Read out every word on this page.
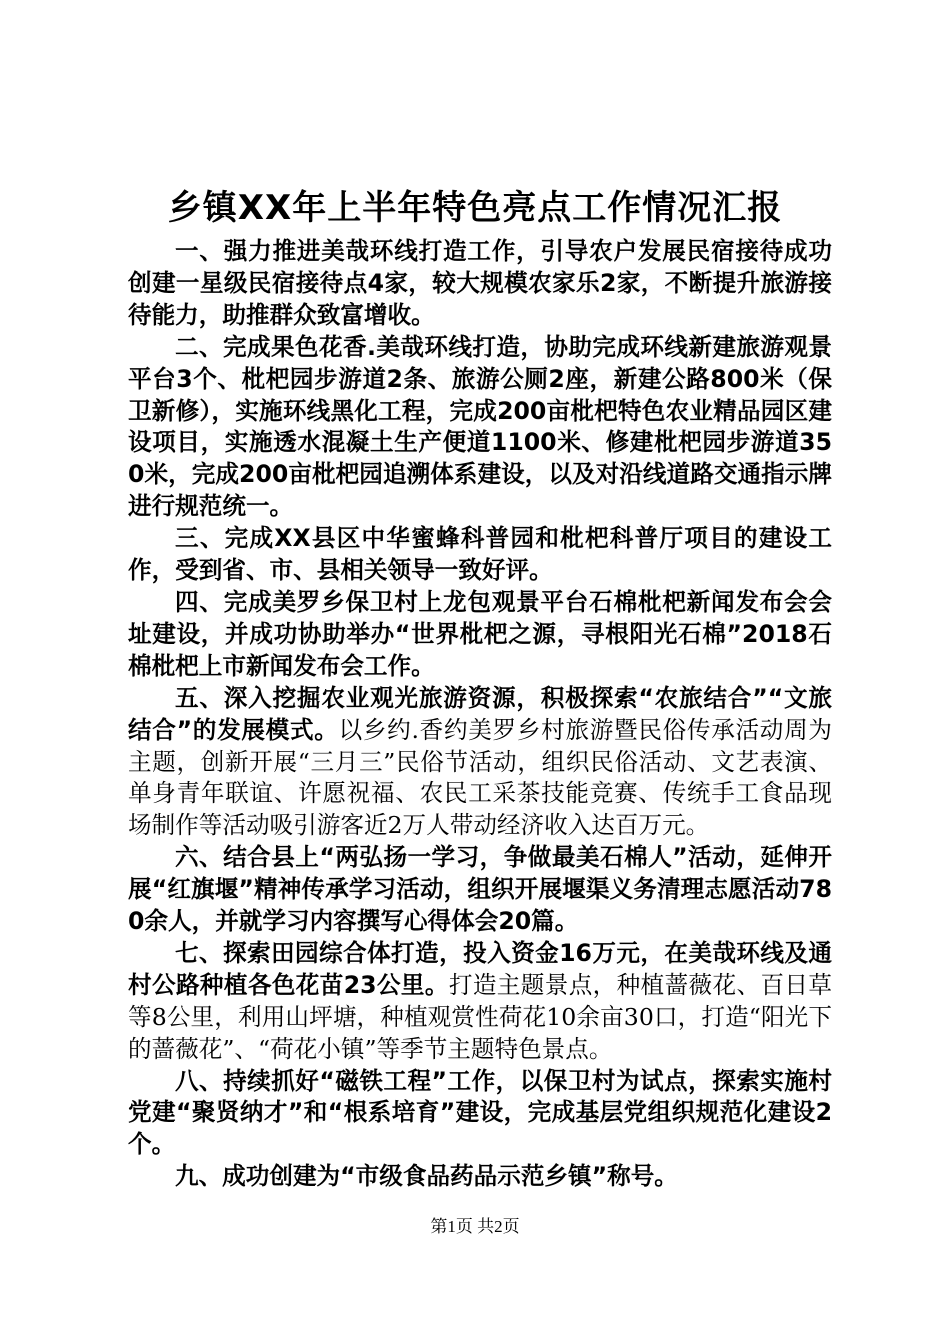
乡镇XX年上半年特色亮点工作情况汇报

一、强力推进美哉环线打造工作，引导农户发展民宿接待成功创建一星级民宿接待点4家，较大规模农家乐2家，不断提升旅游接待能力，助推群众致富增收。

二、完成果色花香.美哉环线打造，协助完成环线新建旅游观景平台3个、枇杷园步游道2条、旅游公厕2座，新建公路800米（保卫新修），实施环线黑化工程，完成200亩枇杷特色农业精品园区建设项目，实施透水混凝土生产便道1100米、修建枇杷园步游道350米，完成200亩枇杷园追溯体系建设，以及对沿线道路交通指示牌进行规范统一。

三、完成XX县区中华蜜蜂科普园和枇杷科普厅项目的建设工作，受到省、市、县相关领导一致好评。

四、完成美罗乡保卫村上龙包观景平台石棉枇杷新闻发布会会址建设，并成功协助举办“世界枇杷之源，寻根阳光石棉”2018石棉枇杷上市新闻发布会工作。

五、深入挖掘农业观光旅游资源，积极探索“农旅结合”“文旅结合”的发展模式。以乡约.香约美罗乡村旅游暨民俗传承活动周为主题，创新开展“三月三”民俗节活动，组织民俗活动、文艺表演、单身青年联谊、许愿祝福、农民工采茶技能竞赛、传统手工食品现场制作等活动吸引游客近2万人带动经济收入达百万元。

六、结合县上“两弘扬一学习，争做最美石棉人”活动，延伸开展“红旗堰”精神传承学习活动，组织开展堰渠义务清理志愿活动780余人，并就学习内容撰写心得体会20篇。

七、探索田园综合体打造，投入资金16万元，在美哉环线及通村公路种植各色花苗23公里。打造主题景点，种植蔷薇花、百日草等8公里，利用山坪塘，种植观赏性荷花10余亩30口，打造“阳光下的蔷薇花”、“荷花小镇”等季节主题特色景点。

八、持续抓好“磁铁工程”工作，以保卫村为试点，探索实施村党建“聚贤纳才”和“根系培育”建设，完成基层党组织规范化建设2个。

九、成功创建为“市级食品药品示范乡镇”称号。

第1页 共2页
